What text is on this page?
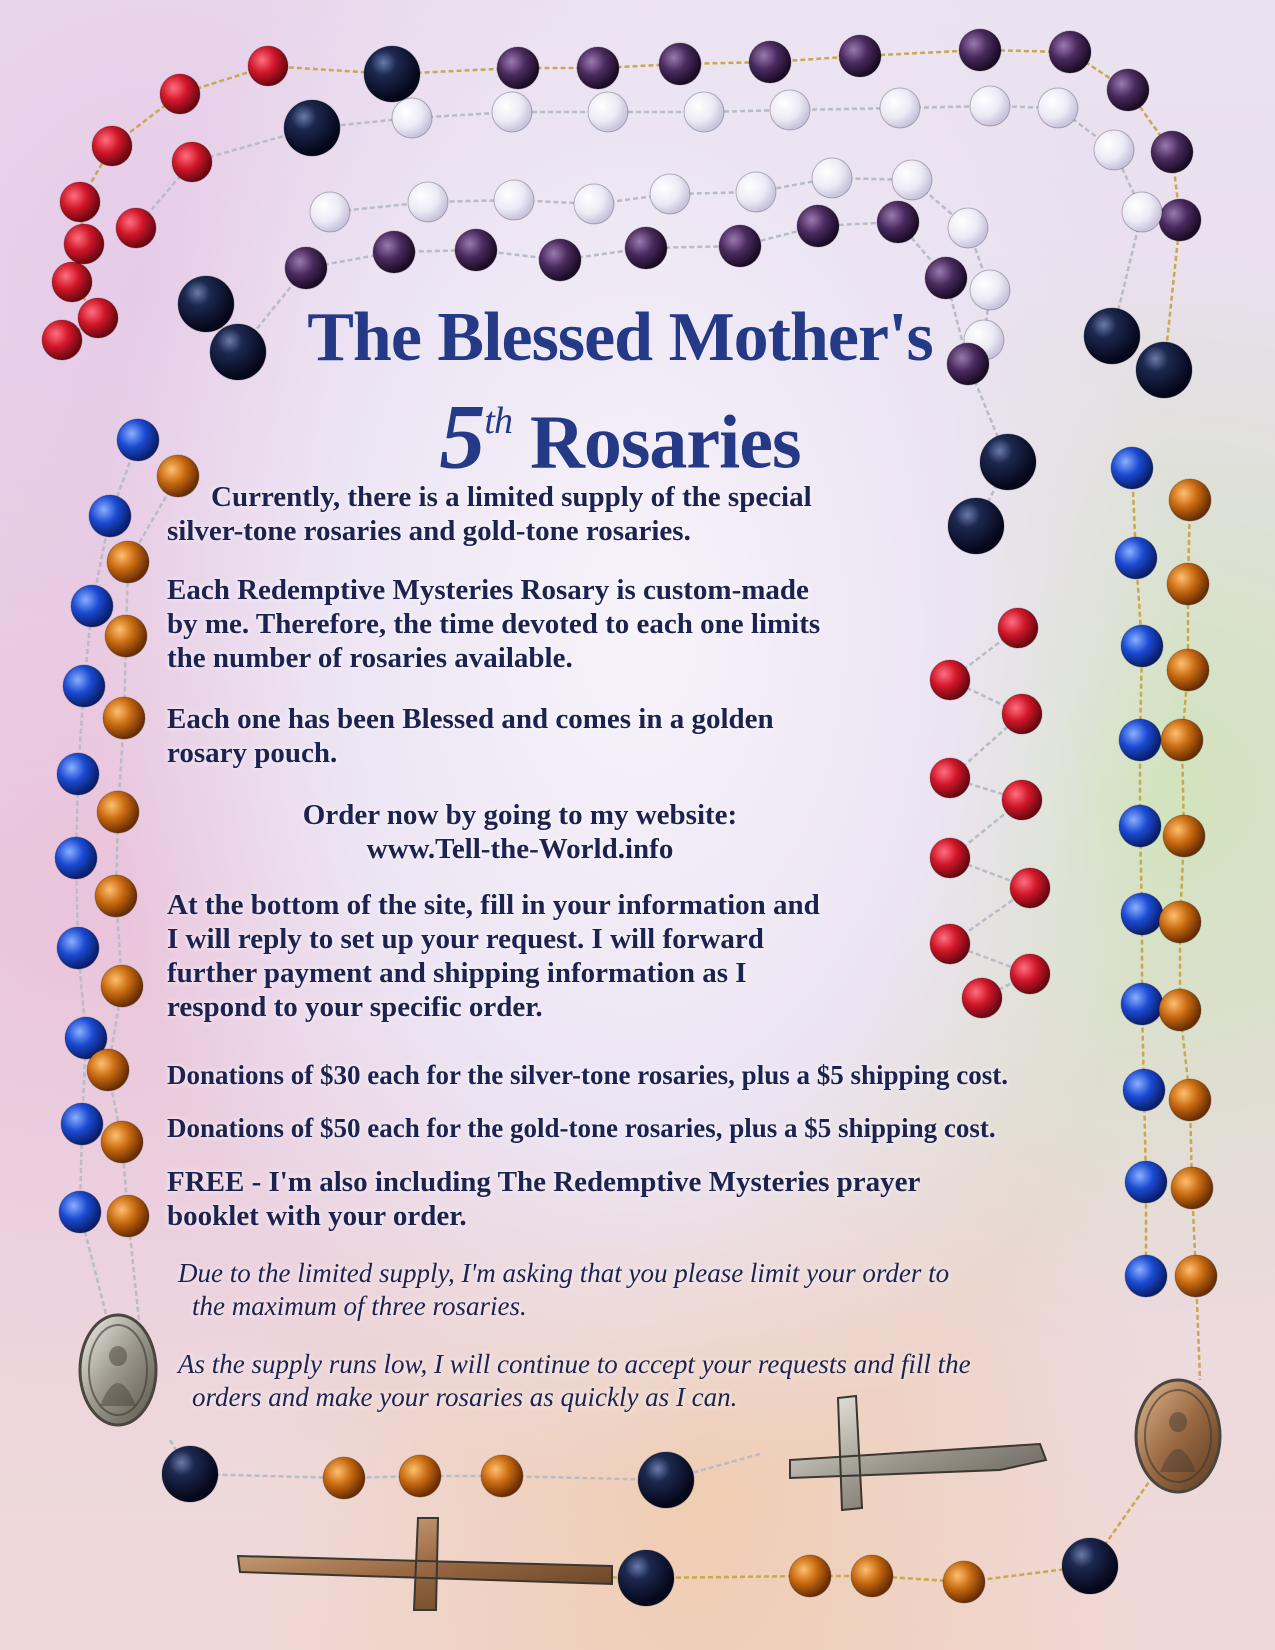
The Blessed Mother's
5th Rosaries
Currently, there is a limited supply of the special
silver-tone rosaries and gold-tone rosaries.
Each Redemptive Mysteries Rosary is custom-made
by me. Therefore, the time devoted to each one limits
the number of rosaries available.
Each one has been Blessed and comes in a golden
rosary pouch.
Order now by going to my website:
www.Tell-the-World.info
At the bottom of the site, fill in your information and
I will reply to set up your request. I will forward
further payment and shipping information as I
respond to your specific order.
Donations of $30 each for the silver-tone rosaries, plus a $5 shipping cost.
Donations of $50 each for the gold-tone rosaries, plus a $5 shipping cost.
FREE - I'm also including The Redemptive Mysteries prayer
booklet with your order.
Due to the limited supply, I'm asking that you please limit your order to
the maximum of three rosaries.
As the supply runs low, I will continue to accept your requests and fill the
orders and make your rosaries as quickly as I can.
